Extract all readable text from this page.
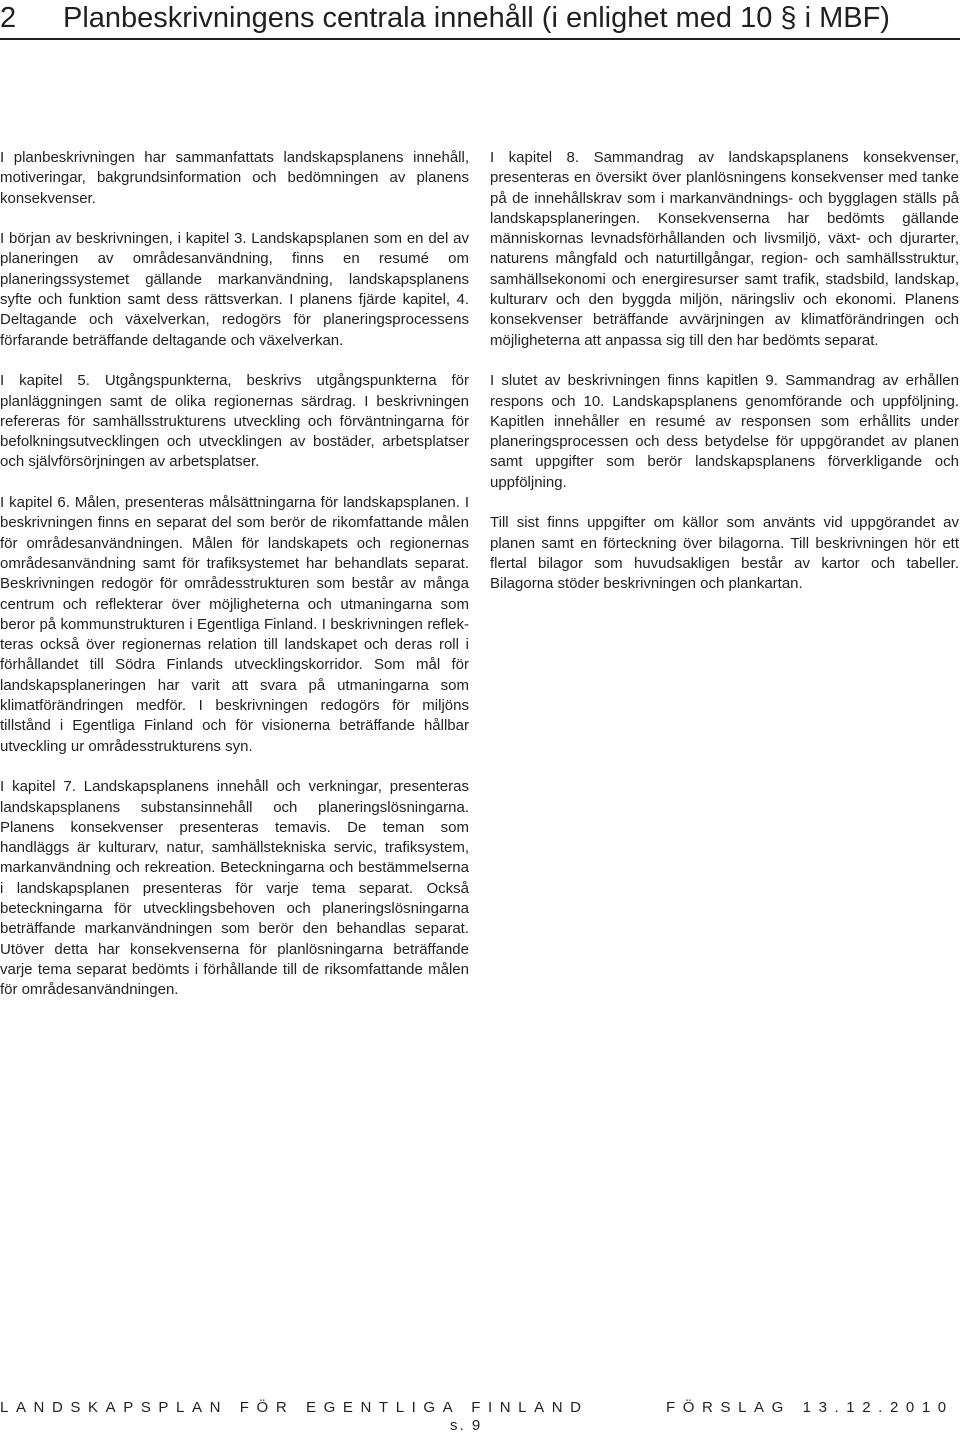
2 Planbeskrivningens centrala innehåll (i enlighet med 10 § i MBF)

I planbeskrivningen har sammanfattats landskapsplanens innehåll, motiveringar, bakgrundsinformation och bedömningen av planens konsekvenser.

I början av beskrivningen, i kapitel 3. Landskapsplanen som en del av planeringen av områdesanvändning, finns en resumé om planeringssystemet gällande markanvändning, landskapsplanens syfte och funktion samt dess rättsverkan. I planens fjärde kapitel, 4. Deltagande och växelverkan, redogörs för planeringsprocessens förfarande beträffande deltagande och växelverkan.

I kapitel 5. Utgångspunkterna, beskrivs utgångspunkterna för planläggningen samt de olika regionernas särdrag. I beskrivningen refereras för samhällsstrukturens utveckling och förväntningarna för befolkningsutvecklingen och utvecklingen av bostäder, arbetsplatser och självförsörjningen av arbetsplatser.

I kapitel 6. Målen, presenteras målsättningarna för landskapsplanen. I beskrivningen finns en separat del som berör de rikomfattande målen för områdesanvändningen. Målen för landskapets och regionernas områdesanvändning samt för trafiksystemet har behandlats separat. Beskrivningen redogör för områdesstrukturen som består av många centrum och reflekterar över möjligheterna och utmaningarna som beror på kommunstrukturen i Egentliga Finland. I beskrivningen reflekteras också över regionernas relation till landskapet och deras roll i förhållandet till Södra Finlands utvecklingskorridor. Som mål för landskapsplaneringen har varit att svara på utmaningarna som klimatförändringen medför. I beskrivningen redogörs för miljöns tillstånd i Egentliga Finland och för visionerna beträffande hållbar utveckling ur områdesstrukturens syn.

I kapitel 7. Landskapsplanens innehåll och verkningar, presenteras landskapsplanens substansinnehåll och planeringslösningarna. Planens konsekvenser presenteras temavis. De teman som handläggs är kulturarv, natur, samhällstekniska servic, trafiksystem, markanvändning och rekreation. Beteckningarna och bestämmelserna i landskapsplanen presenteras för varje tema separat. Också beteckningarna för utvecklingsbehoven och planeringslösningarna beträffande markanvändningen som berör den behandlas separat. Utöver detta har konsekvenserna för planlösningarna beträffande varje tema separat bedömts i förhållande till de riksomfattande målen för områdesanvändningen.

I kapitel 8. Sammandrag av landskapsplanens konsekvenser, presenteras en översikt över planlösningens konsekvenser med tanke på de innehållskrav som i markanvändnings- och bygglagen ställs på landskapsplaneringen. Konsekvenserna har bedömts gällande människornas levnadsförhållanden och livsmiljö, växt- och djurarter, naturens mångfald och naturtillgångar, region- och samhällsstruktur, samhällsekonomi och energiresurser samt trafik, stadsbild, landskap, kulturarv och den byggda miljön, näringsliv och ekonomi. Planens konsekvenser beträffande avvärjningen av klimatförändringen och möjligheterna att anpassa sig till den har bedömts separat.

I slutet av beskrivningen finns kapitlen 9. Sammandrag av erhållen respons och 10. Landskapsplanens genomförande och uppföljning. Kapitlen innehåller en resumé av responsen som erhållits under planeringsprocessen och dess betydelse för uppgörandet av planen samt uppgifter som berör landskapsplanens förverkligande och uppföljning.

Till sist finns uppgifter om källor som använts vid uppgörandet av planen samt en förteckning över bilagorna. Till beskrivningen hör ett flertal bilagor som huvudsakligen består av kartor och tabeller. Bilagorna stöder beskrivningen och plankartan.

LANDSKAPSPLAN FÖR EGENTLIGA FINLAND	FÖRSLAG 13.12.2010
s. 9
